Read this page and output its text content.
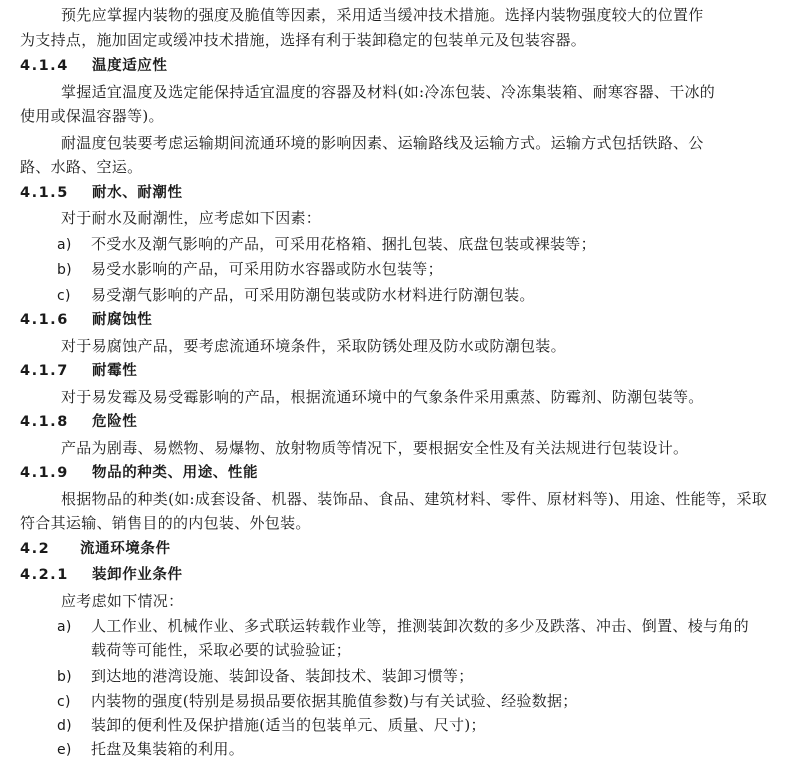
预先应掌握内装物的强度及脆值等因素，采用适当缓冲技术措施。选择内装物强度较大的位置作
为支持点，施加固定或缓冲技术措施，选择有利于装卸稳定的包装单元及包装容器。
4.1.4 温度适应性
掌握适宜温度及选定能保持适宜温度的容器及材料(如:冷冻包装、冷冻集装箱、耐寒容器、干冰的
使用或保温容器等)。
耐温度包装要考虑运输期间流通环境的影响因素、运输路线及运输方式。运输方式包括铁路、公
路、水路、空运。
4.1.5 耐水、耐潮性
对于耐水及耐潮性，应考虑如下因素：
a) 不受水及潮气影响的产品，可采用花格箱、捆扎包装、底盘包装或裸装等；
b) 易受水影响的产品，可采用防水容器或防水包装等；
c) 易受潮气影响的产品，可采用防潮包装或防水材料进行防潮包装。
4.1.6 耐腐蚀性
对于易腐蚀产品，要考虑流通环境条件，采取防锈处理及防水或防潮包装。
4.1.7 耐霉性
对于易发霉及易受霉影响的产品，根据流通环境中的气象条件采用熏蒸、防霉剂、防潮包装等。
4.1.8 危险性
产品为剧毒、易燃物、易爆物、放射物质等情况下，要根据安全性及有关法规进行包装设计。
4.1.9 物品的种类、用途、性能
根据物品的种类(如:成套设备、机器、装饰品、食品、建筑材料、零件、原材料等)、用途、性能等，采取
符合其运输、销售目的的内包装、外包装。
4.2 流通环境条件
4.2.1 装卸作业条件
应考虑如下情况：
a) 人工作业、机械作业、多式联运转载作业等，推测装卸次数的多少及跌落、冲击、倒置、棱与角的
载荷等可能性，采取必要的试验验证；
b) 到达地的港湾设施、装卸设备、装卸技术、装卸习惯等；
c) 内装物的强度(特别是易损品要依据其脆值参数)与有关试验、经验数据；
d) 装卸的便利性及保护措施(适当的包装单元、质量、尺寸)；
e) 托盘及集装箱的利用。
